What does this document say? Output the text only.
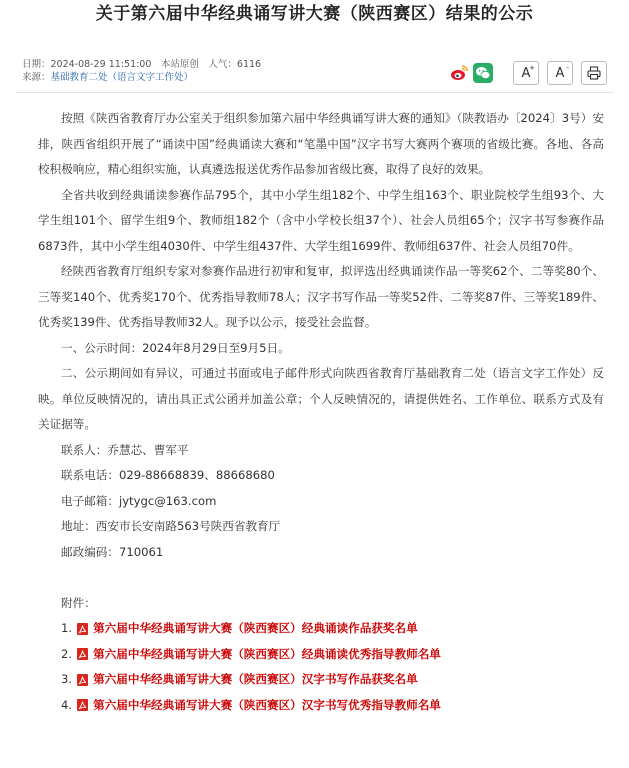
关于第六届中华经典诵写讲大赛（陕西赛区）结果的公示
日期：2024-08-29 11:51:00　本站原创　人气：6116
来源：基础教育二处（语言文字工作处）	A
+ A -

按照《陕西省教育厅办公室关于组织参加第六届中华经典诵写讲大赛的通知》（陕教语办〔2024〕3号）安排，陕西省组织开展了“诵读中国”经典诵读大赛和“笔墨中国”汉字书写大赛两个赛项的省级比赛。各地、各高校积极响应，精心组织实施，认真遴选报送优秀作品参加省级比赛，取得了良好的效果。

全省共收到经典诵读参赛作品795个，其中小学生组182个、中学生组163个、职业院校学生组93个、大学生组101个、留学生组9个、教师组182个（含中小学校长组37个）、社会人员组65个；汉字书写参赛作品6873件，其中小学生组4030件、中学生组437件、大学生组1699件、教师组637件、社会人员组70件。

经陕西省教育厅组织专家对参赛作品进行初审和复审，拟评选出经典诵读作品一等奖62个、二等奖80个、三等奖140个、优秀奖170个、优秀指导教师78人；汉字书写作品一等奖52件、二等奖87件、三等奖189件、优秀奖139件、优秀指导教师32人。现予以公示，接受社会监督。

一、公示时间：2024年8月29日至9月5日。

二、公示期间如有异议，可通过书面或电子邮件形式向陕西省教育厅基础教育二处（语言文字工作处）反映。单位反映情况的，请出具正式公函并加盖公章；个人反映情况的，请提供姓名、工作单位、联系方式及有关证据等。

联系人：乔慧芯、曹军平

联系电话：029-88668839、88668680

电子邮箱：jytygc@163.com

地址：西安市长安南路563号陕西省教育厅

邮政编码：710061

附件：

1. 第六届中华经典诵写讲大赛（陕西赛区）经典诵读作品获奖名单
2. 第六届中华经典诵写讲大赛（陕西赛区）经典诵读优秀指导教师名单
3. 第六届中华经典诵写讲大赛（陕西赛区）汉字书写作品获奖名单
4. 第六届中华经典诵写讲大赛（陕西赛区）汉字书写优秀指导教师名单
